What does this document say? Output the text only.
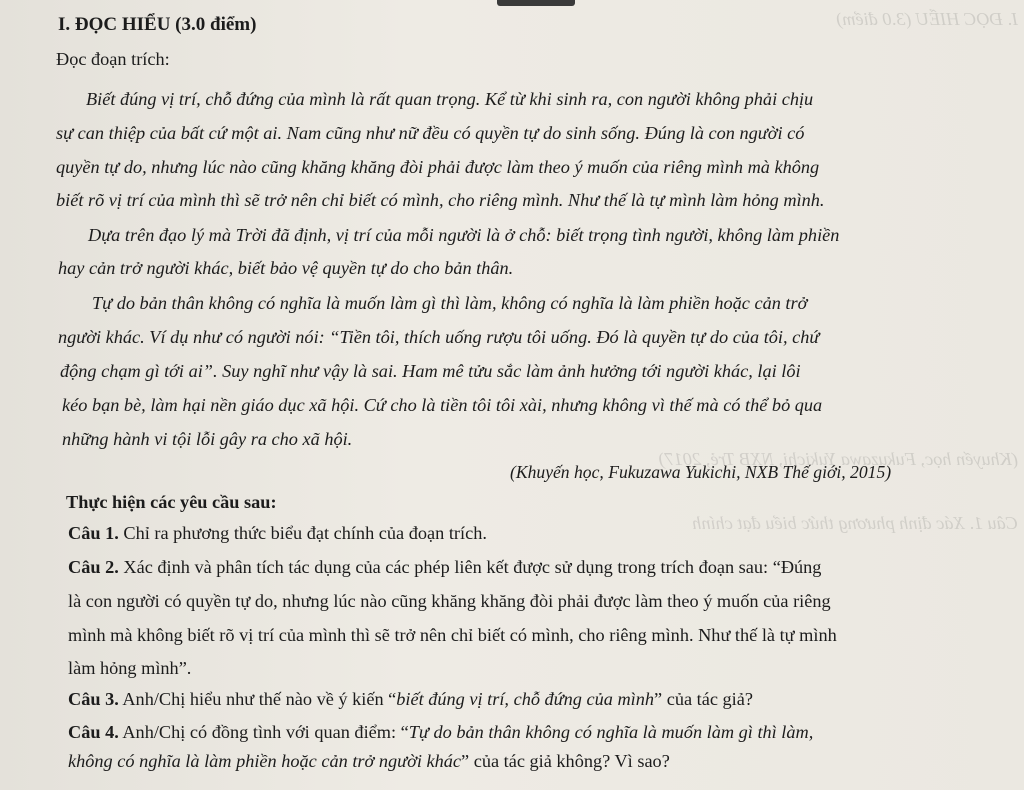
I. ĐỌC HIỂU (3.0 điểm)
(Khuyến học, Fukuzawa Yukichi, NXB Trẻ, 2017)
Câu 1. Xác định phương thức biểu đạt chính
I. ĐỌC HIỂU (3.0 điểm)
Đọc đoạn trích:
Biết đúng vị trí, chỗ đứng của mình là rất quan trọng. Kể từ khi sinh ra, con người không phải chịu
sự can thiệp của bất cứ một ai. Nam cũng như nữ đều có quyền tự do sinh sống. Đúng là con người có
quyền tự do, nhưng lúc nào cũng khăng khăng đòi phải được làm theo ý muốn của riêng mình mà không
biết rõ vị trí của mình thì sẽ trở nên chỉ biết có mình, cho riêng mình. Như thế là tự mình làm hỏng mình.
Dựa trên đạo lý mà Trời đã định, vị trí của mỗi người là ở chỗ: biết trọng tình người, không làm phiền
hay cản trở người khác, biết bảo vệ quyền tự do cho bản thân.
Tự do bản thân không có nghĩa là muốn làm gì thì làm, không có nghĩa là làm phiền hoặc cản trở
người khác. Ví dụ như có người nói: “Tiền tôi, thích uống rượu tôi uống. Đó là quyền tự do của tôi, chứ
động chạm gì tới ai”. Suy nghĩ như vậy là sai. Ham mê tửu sắc làm ảnh hưởng tới người khác, lại lôi
kéo bạn bè, làm hại nền giáo dục xã hội. Cứ cho là tiền tôi tôi xài, nhưng không vì thế mà có thể bỏ qua
những hành vi tội lỗi gây ra cho xã hội.
(Khuyến học, Fukuzawa Yukichi, NXB Thế giới, 2015)
Thực hiện các yêu cầu sau:
Câu 1. Chỉ ra phương thức biểu đạt chính của đoạn trích.
Câu 2. Xác định và phân tích tác dụng của các phép liên kết được sử dụng trong trích đoạn sau: “Đúng
là con người có quyền tự do, nhưng lúc nào cũng khăng khăng đòi phải được làm theo ý muốn của riêng
mình mà không biết rõ vị trí của mình thì sẽ trở nên chỉ biết có mình, cho riêng mình. Như thế là tự mình
làm hỏng mình”.
Câu 3. Anh/Chị hiểu như thế nào về ý kiến “biết đúng vị trí, chỗ đứng của mình” của tác giả?
Câu 4. Anh/Chị có đồng tình với quan điểm: “Tự do bản thân không có nghĩa là muốn làm gì thì làm,
không có nghĩa là làm phiền hoặc cản trở người khác” của tác giả không? Vì sao?
